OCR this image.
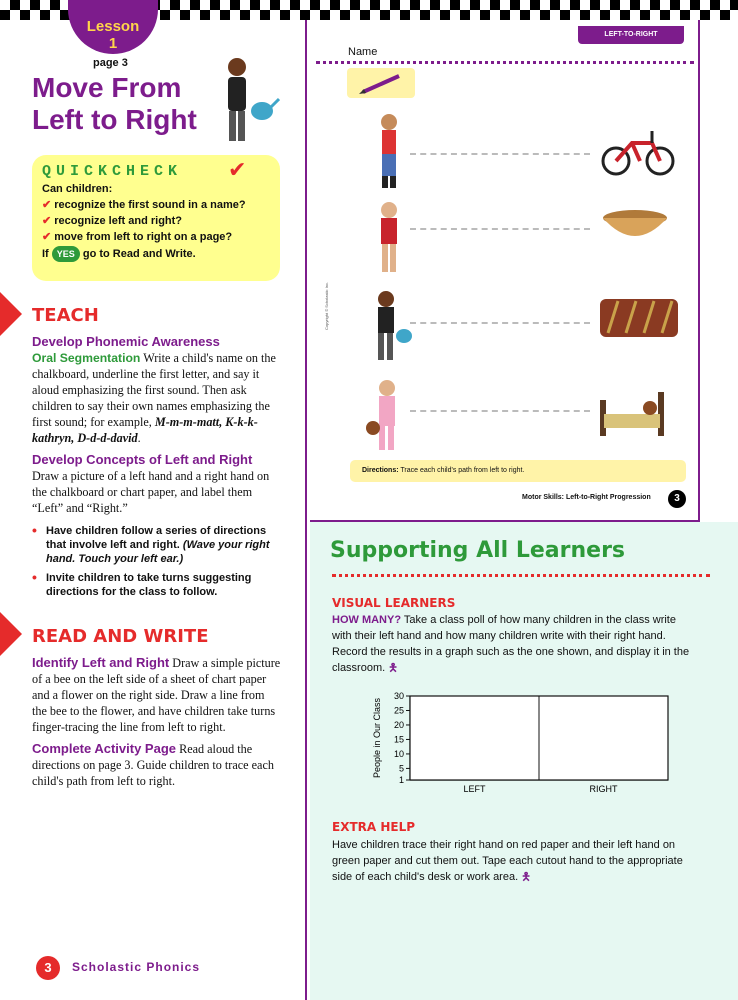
Lesson
1
page 3
Move From
Left to Right
QUICKCHECK	✔

Can children:

✔ recognize the first sound in a name?

✔ recognize left and right?

✔ move from left to right on a page?

If YES go to Read and Write.

TEACH
Develop Phonemic Awareness
Oral Segmentation Write a child's name on the chalkboard, underline the first letter, and say it aloud emphasizing the first sound. Then ask children to say their own names emphasizing the first sound; for example, M-m-m-matt, K-k-k-kathryn, D-d-d-david.
Develop Concepts of Left and Right
Draw a picture of a left hand and a right hand on the chalkboard or chart paper, and label them “Left” and “Right.”
• Have children follow a series of directions that involve left and right. (Wave your right hand. Touch your left ear.)
• Invite children to take turns suggesting directions for the class to follow.
READ AND WRITE
Identify Left and Right Draw a simple picture of a bee on the left side of a sheet of chart paper and a flower on the right side. Draw a line from the bee to the flower, and have children take turns finger-tracing the line from left to right.
Complete Activity Page Read aloud the directions on page 3. Guide children to trace each child's path from left to right.
LEFT-TO-RIGHT
Name
Copyright © Scholastic Inc.
Directions: Trace each child's path from left to right.
Motor Skills: Left-to-Right Progression	3
Supporting All Learners
VISUAL LEARNERS
HOW MANY? Take a class poll of how many children in the class write with their left hand and how many children write with their right hand. Record the results in a graph such as the one shown, and display it in the classroom. 🯅
EXTRA HELP
Have children trace their right hand on red paper and their left hand on green paper and cut them out. Tape each cutout hand to the appropriate side of each child's desk or work area. 🯅
People in Our Class
1
5
10
15
20
25
30
LEFT	RIGHT
3	Scholastic Phonics
